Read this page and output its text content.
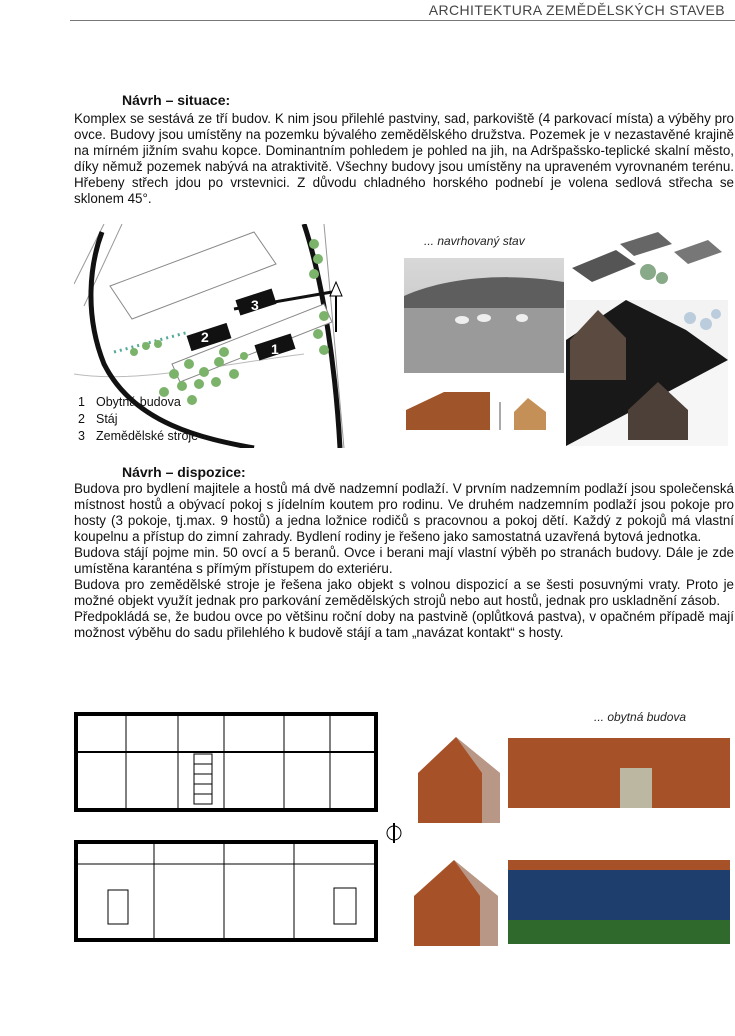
ARCHITEKTURA ZEMĚDĚLSKÝCH STAVEB
Návrh – situace:

Komplex se sestává ze tří budov. K nim jsou přilehlé pastviny, sad, parkoviště (4 parkovací místa) a výběhy pro ovce. Budovy jsou umístěny na pozemku bývalého zemědělského družstva. Pozemek je v nezastavěné krajině na mírném jižním svahu kopce. Dominantním pohledem je pohled na jih, na Adršpašsko-teplické skalní město, díky němuž pozemek nabývá na atraktivitě. Všechny budovy jsou umístěny na upraveném vyrovnaném terénu. Hřebeny střech jdou po vrstevnici. Z důvodu chladného horského podnebí je volena sedlová střecha se sklonem 45°.

3
2
1
1 Obytná budova
2 Stáj
3 Zemědělské stroje
... navrhovaný stav
Návrh – dispozice:

Budova pro bydlení majitele a hostů má dvě nadzemní podlaží. V prvním nadzemním podlaží jsou společenská místnost hostů a obývací pokoj s jídelním koutem pro rodinu. Ve druhém nadzemním podlaží jsou pokoje pro hosty (3 pokoje, tj.max. 9 hostů) a jedna ložnice rodičů s pracovnou a pokoj dětí. Každý z pokojů má vlastní koupelnu a přístup do zimní zahrady. Bydlení rodiny je řešeno jako samostatná uzavřená bytová jednotka.

Budova stájí pojme min. 50 ovcí a 5 beranů. Ovce i berani mají vlastní výběh po stranách budovy. Dále je zde umístěna karanténa s přímým přístupem do exteriéru.

Budova pro zemědělské stroje je řešena jako objekt s volnou dispozicí a se šesti posuvnými vraty. Proto je možné objekt využít jednak pro parkování zemědělských strojů nebo aut hostů, jednak pro uskladnění zásob.

Předpokládá se, že budou ovce po většinu roční doby na pastvině (oplůtková pastva), v opačném případě mají možnost výběhu do sadu přilehlého k budově stájí a tam „navázat kontakt“ s hosty.

... obytná budova
